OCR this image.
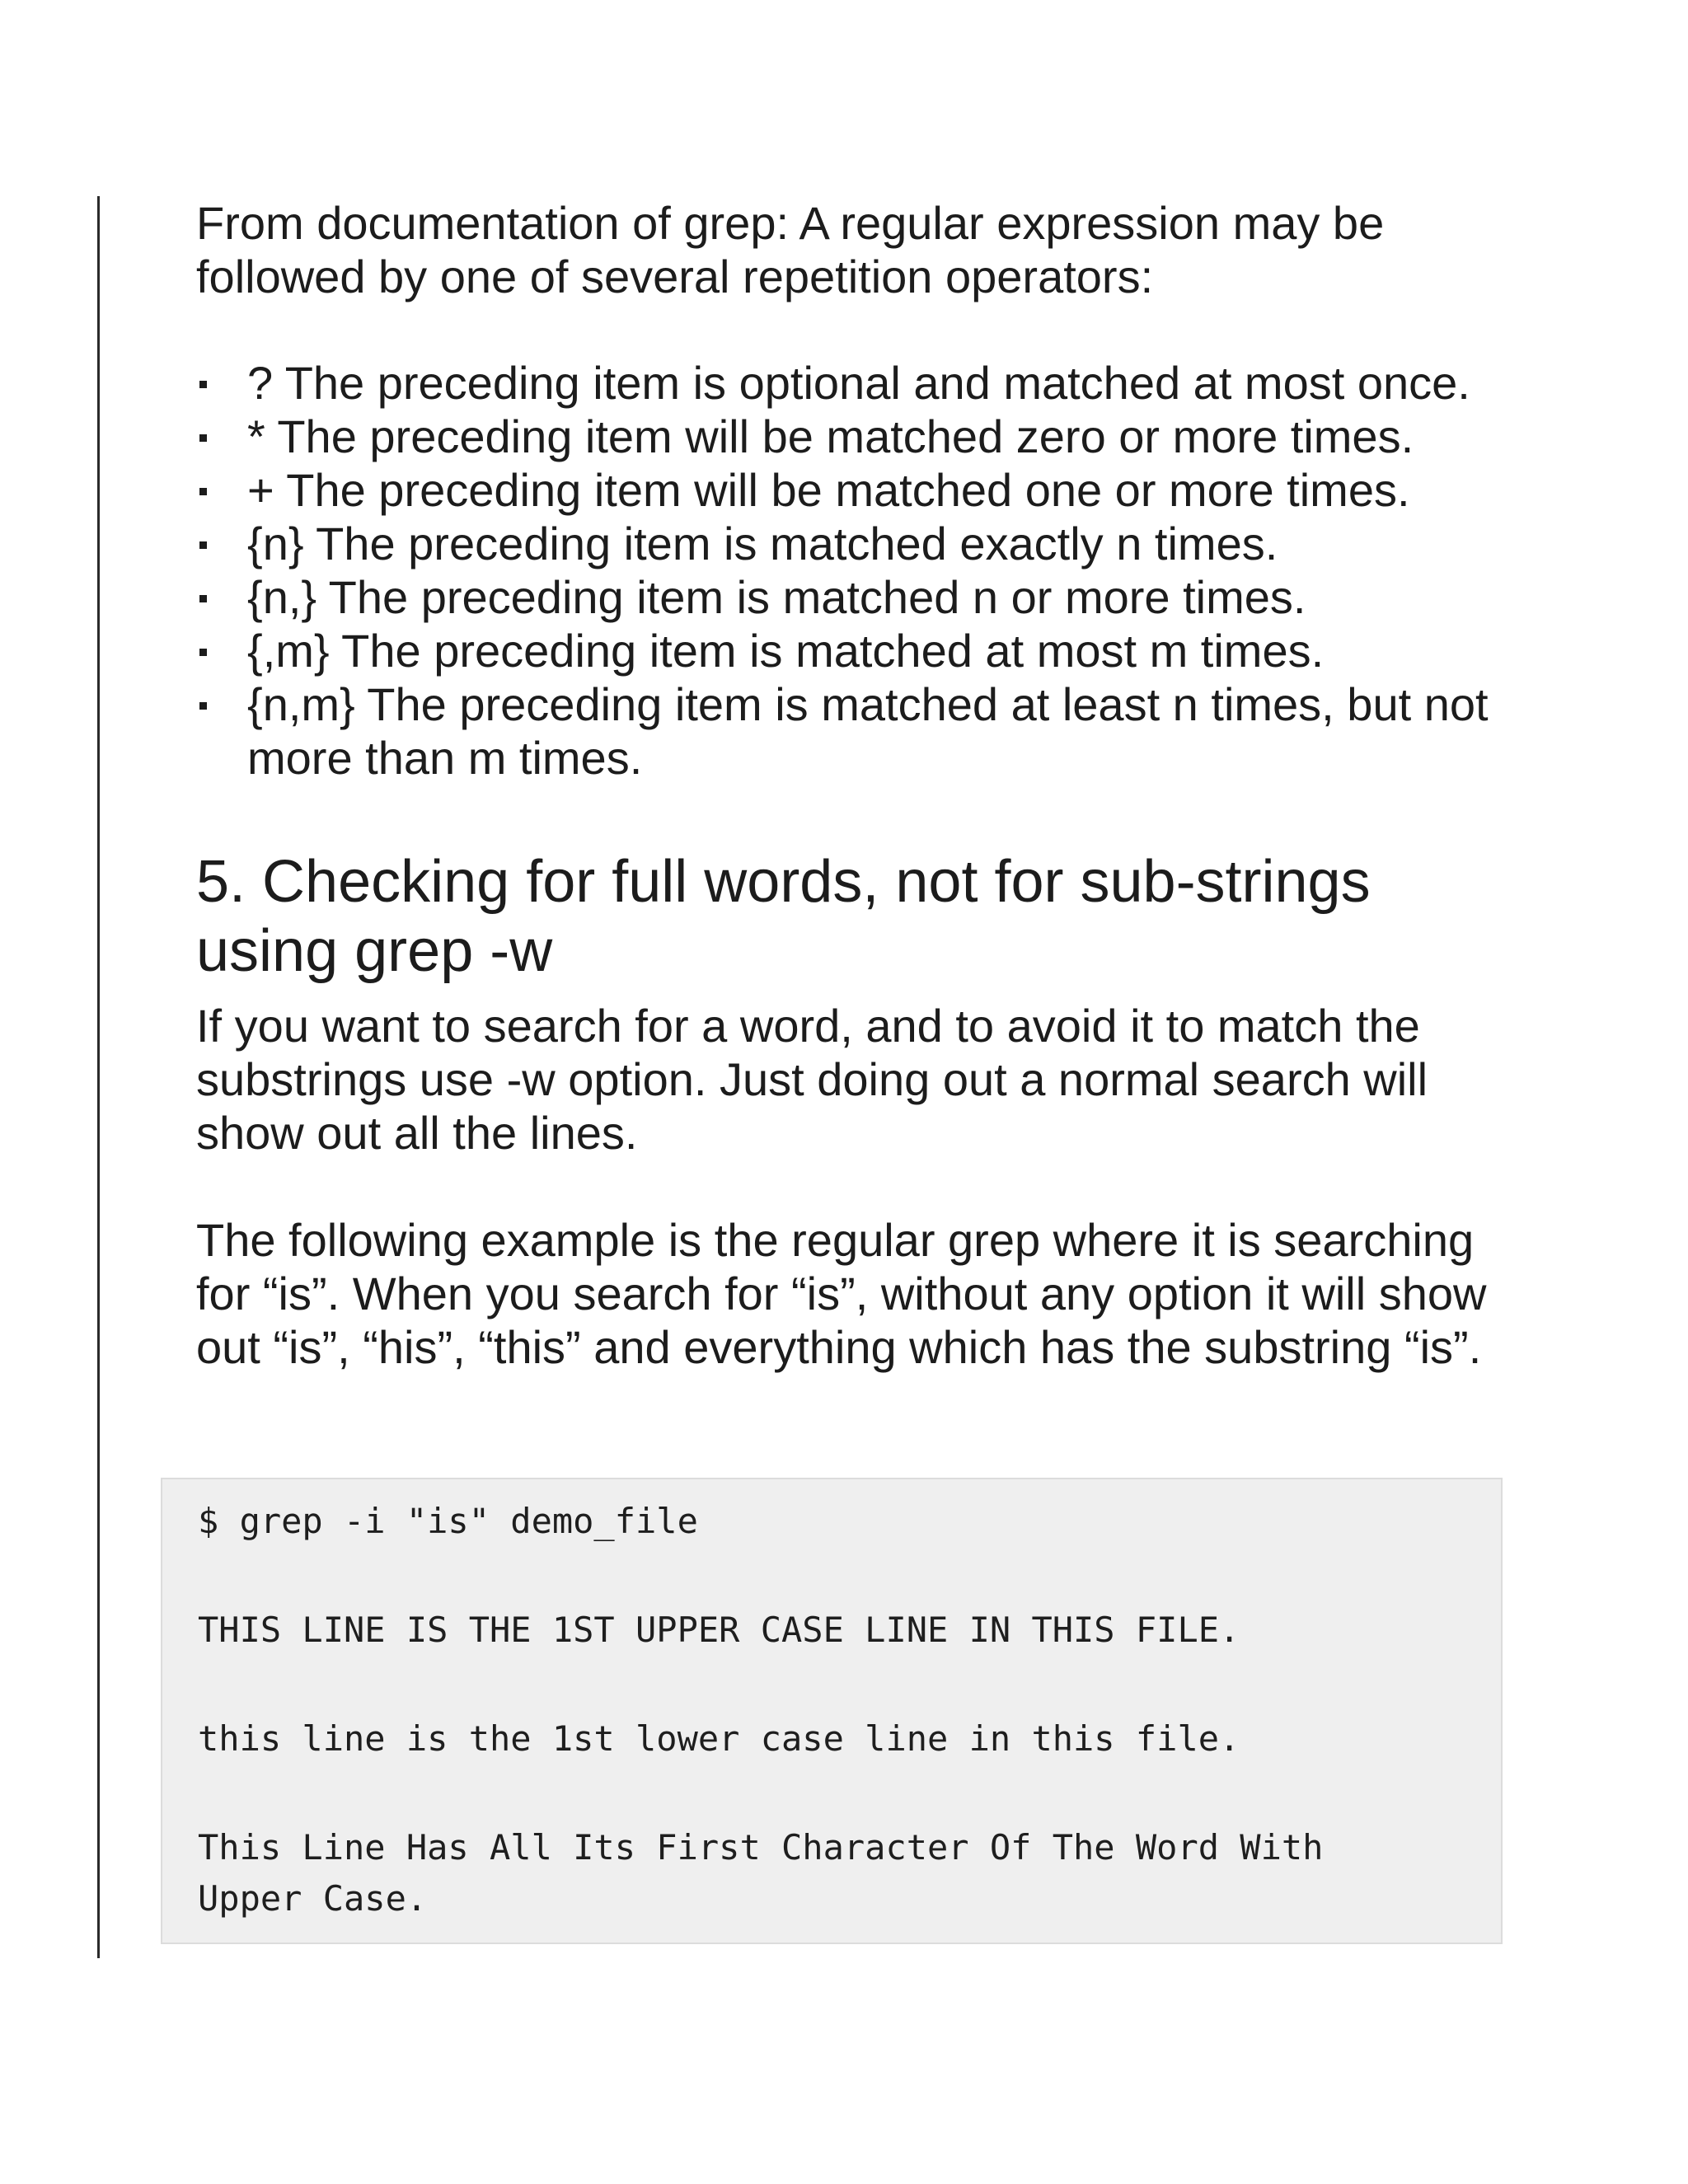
From documentation of grep: A regular expression may be followed by one of several repetition operators:

? The preceding item is optional and matched at most once.
* The preceding item will be matched zero or more times.
+ The preceding item will be matched one or more times.
{n} The preceding item is matched exactly n times.
{n,} The preceding item is matched n or more times.
{,m} The preceding item is matched at most m times.
{n,m} The preceding item is matched at least n times, but not more than m times.
5. Checking for full words, not for sub-strings using grep -w

If you want to search for a word, and to avoid it to match the substrings use -w option. Just doing out a normal search will show out all the lines.

The following example is the regular grep where it is searching for “is”. When you search for “is”, without any option it will show out “is”, “his”, “this” and everything which has the substring “is”.

$ grep -i "is" demo_file

THIS LINE IS THE 1ST UPPER CASE LINE IN THIS FILE.

this line is the 1st lower case line in this file.

This Line Has All Its First Character Of The Word With

Upper Case.
